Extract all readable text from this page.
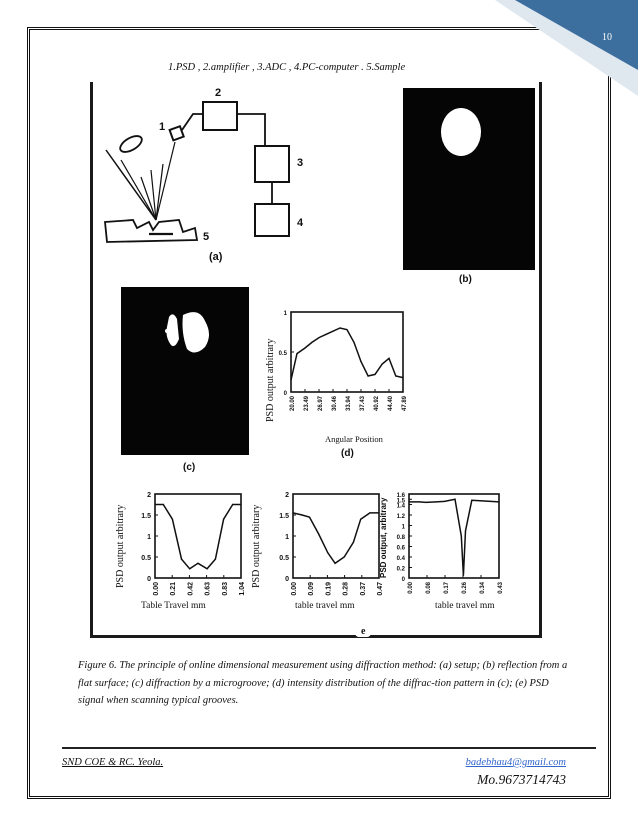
10
1.PSD , 2.amplifier , 3.ADC , 4.PC-computer . 5.Sample
1
2
3
4
5
(a)
(b)
(c)
1
0.5
0
20.00 23.49 26.97 30.46 33.94 37.43 40.92 44.40 47.89
PSD output arbitrary
Angular Position
(d)
2
1.5
1
0.5
0
0.00 0.21 0.42 0.63 0.83 1.04
PSD output arbitrary
Table Travel mm
2
1.5
1
0.5
0
0.00 0.09 0.19 0.28 0.37 0.47
PSD output arbitrary
table travel mm
1.6
1.5
1.4
1.2
1
0.8
0.6
0.4
0.2
0
0.00 0.08 0.17 0.26 0.34 0.43
PSD output, arbitrary
table travel mm
e
Figure 6. The principle of online dimensional measurement using diffraction method: (a) setup; (b) reflection from a flat surface; (c) diffraction by a microgroove; (d) intensity distribution of the diffrac-tion pattern in (c); (e) PSD signal when scanning typical grooves.
SND COE & RC. Yeola.	badebhau4@gmail.com
Mo.9673714743
